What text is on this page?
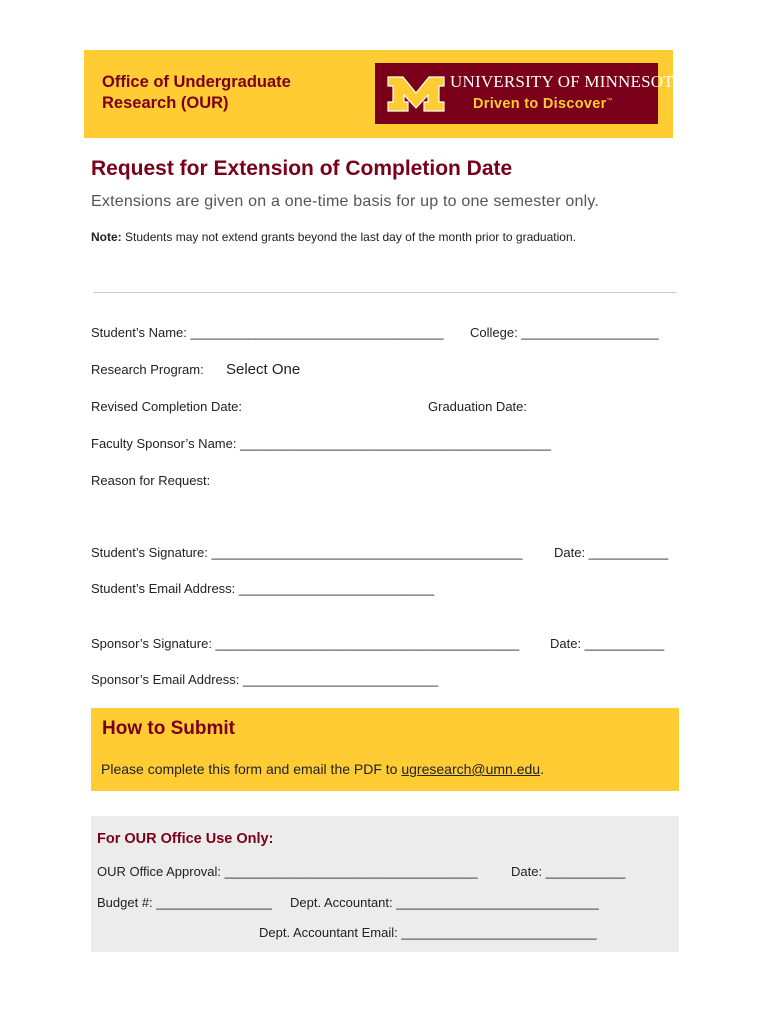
Office of Undergraduate
Research (OUR)	®
UNIVERSITY OF MINNESOTA
Driven to Discover™
Request for Extension of Completion Date
Extensions are given on a one-time basis for up to one semester only.
Note: Students may not extend grants beyond the last day of the month prior to graduation.
Student’s Name: ___________________________________ College: ___________________
Research Program: Select One
Revised Completion Date:	Graduation Date:
Faculty Sponsor’s Name: ___________________________________________
Reason for Request:
Student’s Signature: ___________________________________________ Date: ___________
Student’s Email Address: ___________________________
Sponsor’s Signature: __________________________________________ Date: ___________
Sponsor’s Email Address: ___________________________
How to Submit
Please complete this form and email the PDF to ugresearch@umn.edu.
For OUR Office Use Only:
OUR Office Approval: ___________________________________	Date: ___________
Budget #: ________________ Dept. Accountant: ____________________________
Dept. Accountant Email: ___________________________
